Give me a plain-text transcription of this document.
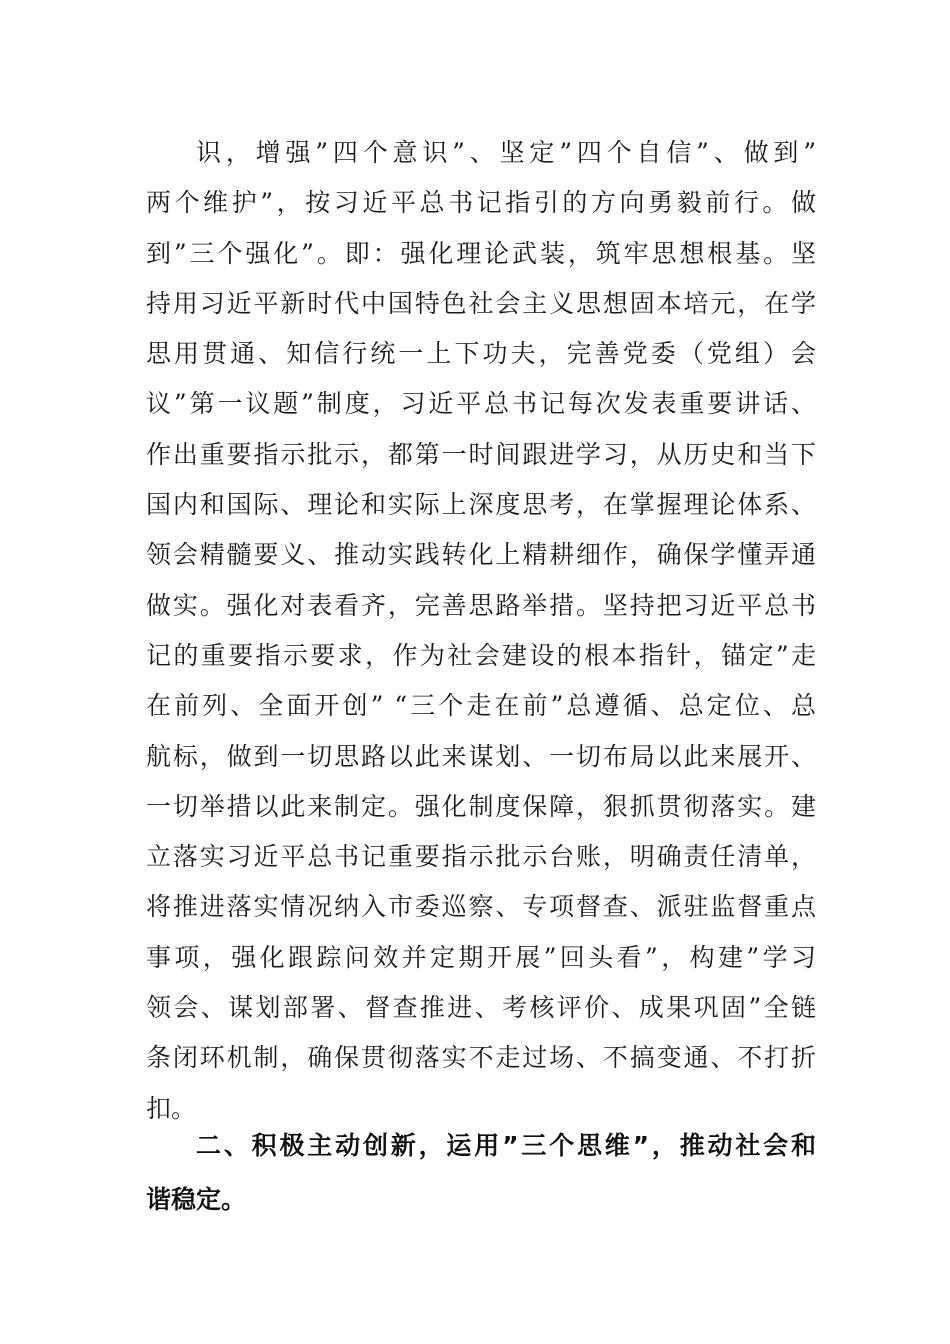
识，增强”四个意识”、坚定”四个自信”、做到”
两个维护”，按习近平总书记指引的方向勇毅前行。做
到”三个强化”。即：强化理论武装，筑牢思想根基。坚
持用习近平新时代中国特色社会主义思想固本培元，在学
思用贯通、知信行统一上下功夫，完善党委（党组）会
议”第一议题”制度，习近平总书记每次发表重要讲话、
作出重要指示批示，都第一时间跟进学习，从历史和当下
国内和国际、理论和实际上深度思考，在掌握理论体系、
领会精髓要义、推动实践转化上精耕细作，确保学懂弄通
做实。强化对表看齐，完善思路举措。坚持把习近平总书
记的重要指示要求，作为社会建设的根本指针，锚定”走
在前列、全面开创” “三个走在前”总遵循、总定位、总
航标，做到一切思路以此来谋划、一切布局以此来展开、
一切举措以此来制定。强化制度保障，狠抓贯彻落实。建
立落实习近平总书记重要指示批示台账，明确责任清单，
将推进落实情况纳入市委巡察、专项督查、派驻监督重点
事项，强化跟踪问效并定期开展”回头看”，构建”学习
领会、谋划部署、督查推进、考核评价、成果巩固”全链
条闭环机制，确保贯彻落实不走过场、不搞变通、不打折
扣。
二、积极主动创新，运用”三个思维”，推动社会和
谐稳定。
